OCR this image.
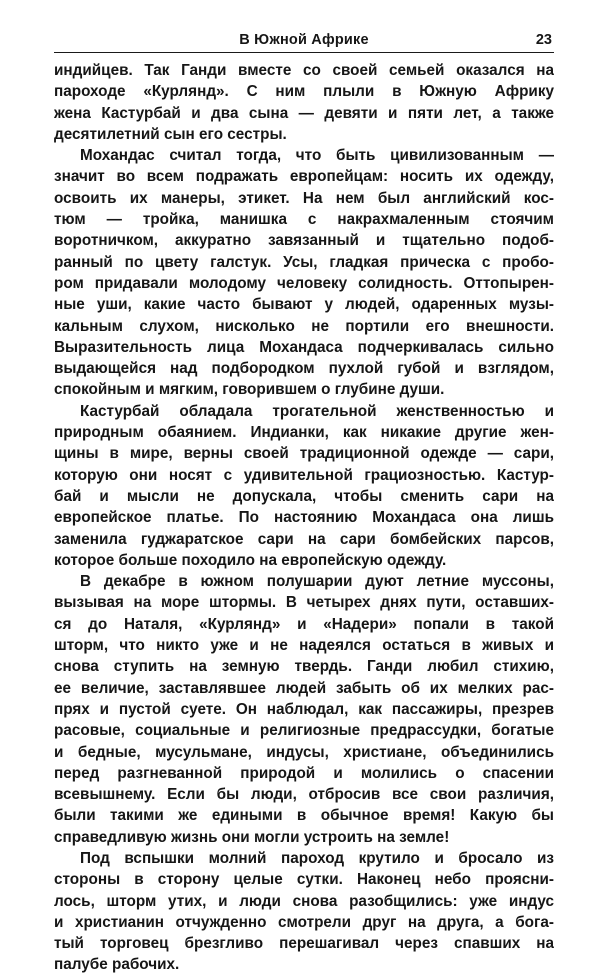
В Южной Африке	23
индийцев. Так Ганди вместе со своей семьей оказался на
пароходе «Курлянд». С ним плыли в Южную Африку
жена Кастурбай и два сына — девяти и пяти лет, а также
десятилетний сын его сестры.
Мохандас считал тогда, что быть цивилизованным —
значит во всем подражать европейцам: носить их одежду,
освоить их манеры, этикет. На нем был английский кос-
тюм — тройка, манишка с накрахмаленным стоячим
воротничком, аккуратно завязанный и тщательно подоб-
ранный по цвету галстук. Усы, гладкая прическа с пробо-
ром придавали молодому человеку солидность. Оттопырен-
ные уши, какие часто бывают у людей, одаренных музы-
кальным слухом, нисколько не портили его внешности.
Выразительность лица Мохандаса подчеркивалась сильно
выдающейся над подбородком пухлой губой и взглядом,
спокойным и мягким, говорившем о глубине души.
Кастурбай обладала трогательной женственностью и
природным обаянием. Индианки, как никакие другие жен-
щины в мире, верны своей традиционной одежде — сари,
которую они носят с удивительной грациозностью. Кастур-
бай и мысли не допускала, чтобы сменить сари на
европейское платье. По настоянию Мохандаса она лишь
заменила гуджаратское сари на сари бомбейских парсов,
которое больше походило на европейскую одежду.
В декабре в южном полушарии дуют летние муссоны,
вызывая на море штормы. В четырех днях пути, оставших-
ся до Наталя, «Курлянд» и «Надери» попали в такой
шторм, что никто уже и не надеялся остаться в живых и
снова ступить на земную твердь. Ганди любил стихию,
ее величие, заставлявшее людей забыть об их мелких рас-
прях и пустой суете. Он наблюдал, как пассажиры, презрев
расовые, социальные и религиозные предрассудки, богатые
и бедные, мусульмане, индусы, христиане, объединились
перед разгневанной природой и молились о спасении
всевышнему. Если бы люди, отбросив все свои различия,
были такими же едиными в обычное время! Какую бы
справедливую жизнь они могли устроить на земле!
Под вспышки молний пароход крутило и бросало из
стороны в сторону целые сутки. Наконец небо проясни-
лось, шторм утих, и люди снова разобщились: уже индус
и христианин отчужденно смотрели друг на друга, а бога-
тый торговец брезгливо перешагивал через спавших на
палубе рабочих.
